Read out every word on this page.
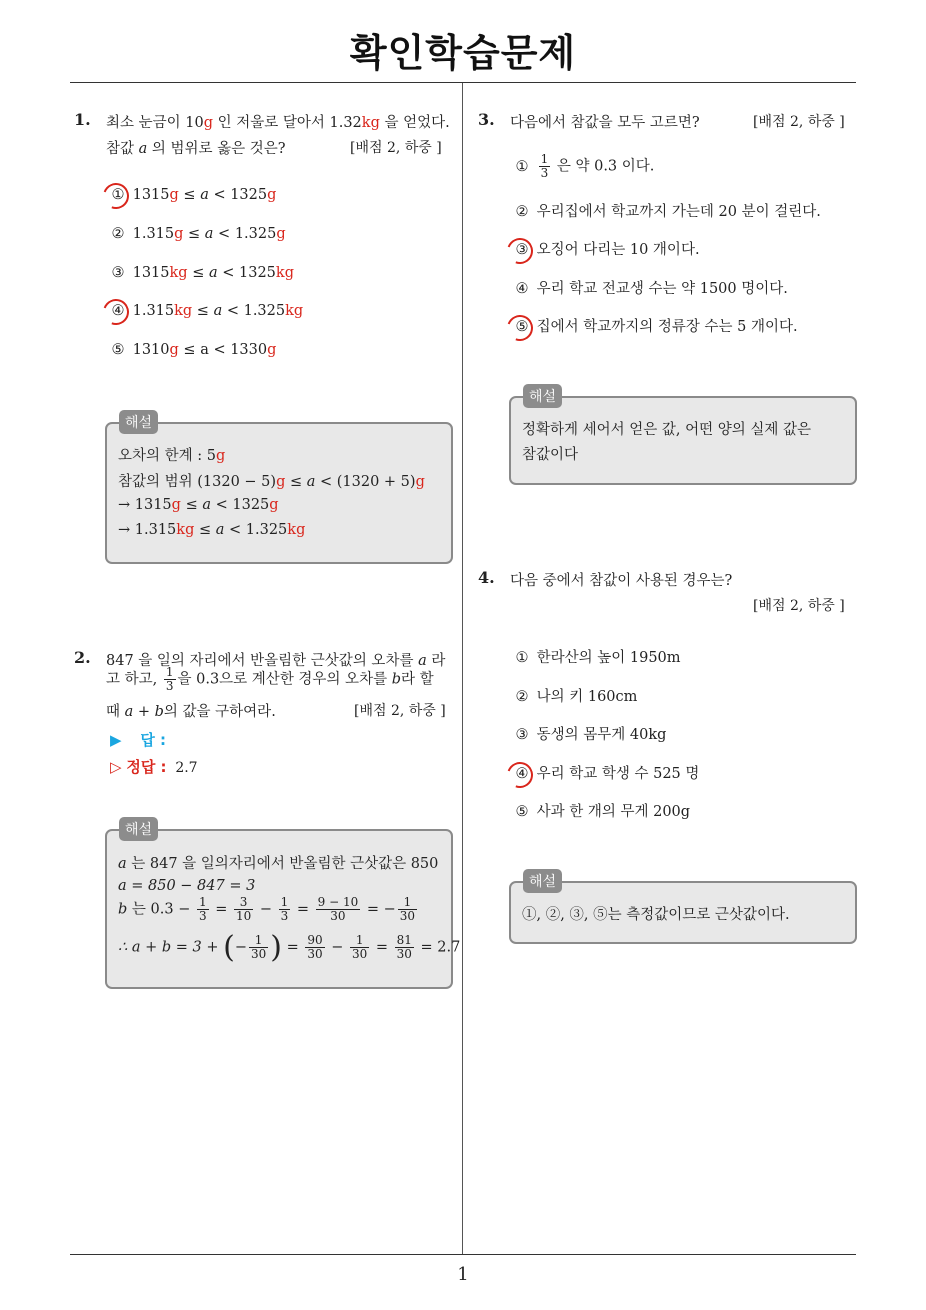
확인학습문제
1
1. 최소 눈금이 10g 인 저울로 달아서 1.32kg 을 얻었다.
참값 a 의 범위로 옳은 것은?	[배점 2, 하중 ]
① 1315g ≤ a < 1325g
② 1.315g ≤ a < 1.325g
③ 1315kg ≤ a < 1325kg
④ 1.315kg ≤ a < 1.325kg
⑤ 1310g ≤ a < 1330g
해설
오차의 한계 : 5g
참값의 범위 (1320 − 5)g ≤ a < (1320 + 5)g
→ 1315g ≤ a < 1325g
→ 1.315kg ≤ a < 1.325kg
2. 847 을 일의 자리에서 반올림한 근삿값의 오차를 a 라
고 하고, $\frac{1}{3}$ 을 0.3으로 계산한 경우의 오차를 b라 할
때 a + b의 값을 구하여라.	[배점 2, 하중 ]
▶ 답 :
▷ 정답 : 2.7
해설
a 는 847 을 일의자리에서 반올림한 근삿값은 850
a = 850 − 847 = 3
b 는 $0.3 - \frac{1}{3} = \frac{3}{10} - \frac{1}{3} = \frac{9 - 10}{30}$ = − $\frac{1}{30}$
∴ a + b = 3 + (− $\frac{1}{30}$ ) = $\frac{90}{30} - \frac{1}{30} = \frac{81}{30} = 2.7$
3. 다음에서 참값을 모두 고르면?	[배점 2, 하중 ]
① $\frac{1}{3}$ 은 약 0.3 이다.
② 우리집에서 학교까지 가는데 20 분이 걸린다.
③ 오징어 다리는 10 개이다.
④ 우리 학교 전교생 수는 약 1500 명이다.
⑤ 집에서 학교까지의 정류장 수는 5 개이다.
해설
정확하게 세어서 얻은 값, 어떤 양의 실제 값은
참값이다
4. 다음 중에서 참값이 사용된 경우는?
[배점 2, 하중 ]
① 한라산의 높이 1950m
② 나의 키 160cm
③ 동생의 몸무게 40kg
④ 우리 학교 학생 수 525 명
⑤ 사과 한 개의 무게 200g
해설
①, ②, ③, ⑤는 측정값이므로 근삿값이다.
